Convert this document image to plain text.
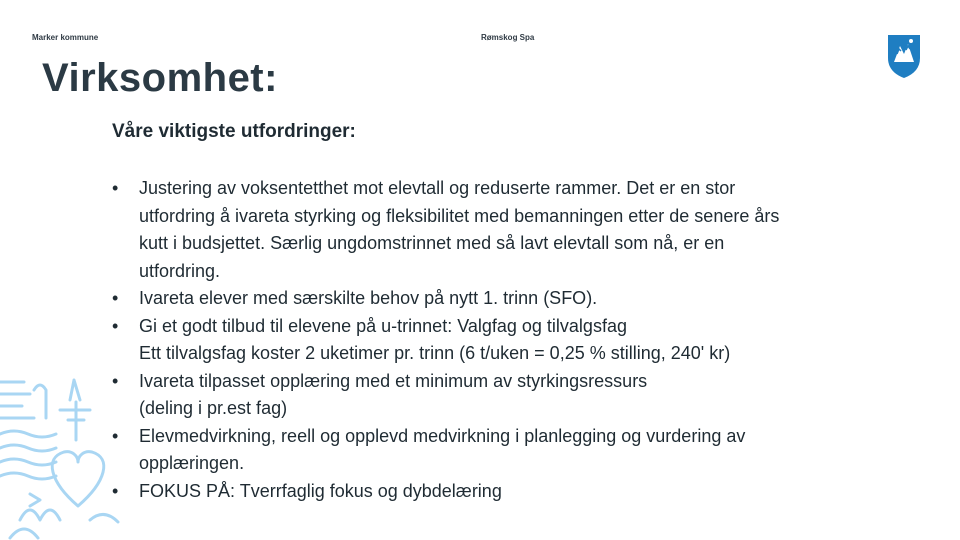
Marker kommune	Rømskog Spa
Virksomhet:
Våre viktigste utfordringer:
• Justering av voksentetthet mot elevtall og reduserte rammer. Det er en stor
utfordring å ivareta styrking og fleksibilitet med bemanningen etter de senere års
kutt i budsjettet. Særlig ungdomstrinnet med så lavt elevtall som nå, er en
utfordring.
• Ivareta elever med særskilte behov på nytt 1. trinn (SFO).
• Gi et godt tilbud til elevene på u-trinnet: Valgfag og tilvalgsfag
Ett tilvalgsfag koster 2 uketimer pr. trinn (6 t/uken = 0,25 % stilling, 240' kr)
• Ivareta tilpasset opplæring med et minimum av styrkingsressurs
(deling i pr.est fag)
• Elevmedvirkning, reell og opplevd medvirkning i planlegging og vurdering av
opplæringen.
• FOKUS PÅ: Tverrfaglig fokus og dybdelæring
